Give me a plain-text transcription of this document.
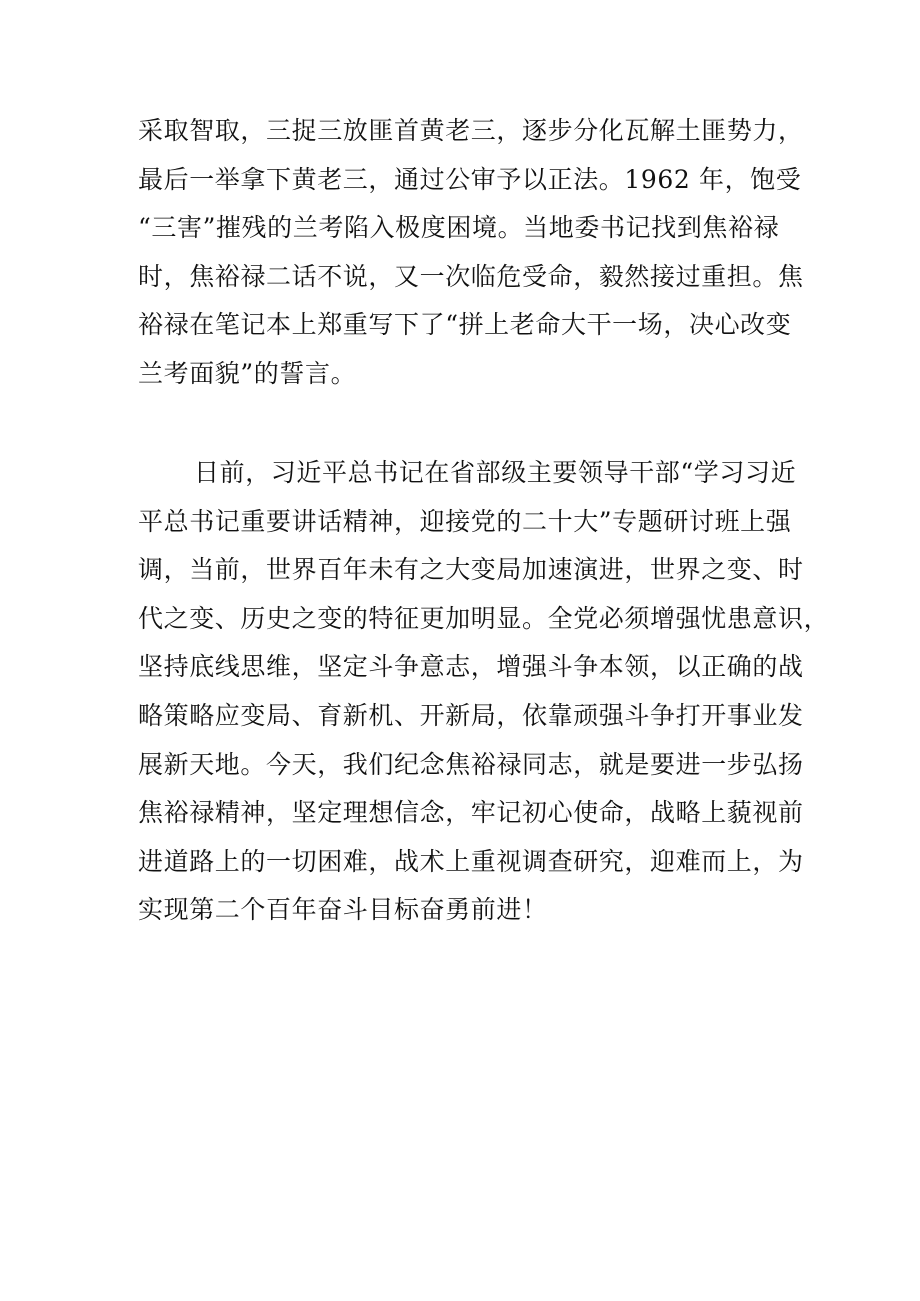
采取智取，三捉三放匪首黄老三，逐步分化瓦解土匪势力，
最后一举拿下黄老三，通过公审予以正法。1962 年，饱受
“三害”摧残的兰考陷入极度困境。当地委书记找到焦裕禄
时，焦裕禄二话不说，又一次临危受命，毅然接过重担。焦
裕禄在笔记本上郑重写下了“拼上老命大干一场，决心改变
兰考面貌”的誓言。

日前，习近平总书记在省部级主要领导干部“学习习近
平总书记重要讲话精神，迎接党的二十大”专题研讨班上强
调，当前，世界百年未有之大变局加速演进，世界之变、时
代之变、历史之变的特征更加明显。全党必须增强忧患意识，
坚持底线思维，坚定斗争意志，增强斗争本领，以正确的战
略策略应变局、育新机、开新局，依靠顽强斗争打开事业发
展新天地。今天，我们纪念焦裕禄同志，就是要进一步弘扬
焦裕禄精神，坚定理想信念，牢记初心使命，战略上藐视前
进道路上的一切困难，战术上重视调查研究，迎难而上，为
实现第二个百年奋斗目标奋勇前进！
